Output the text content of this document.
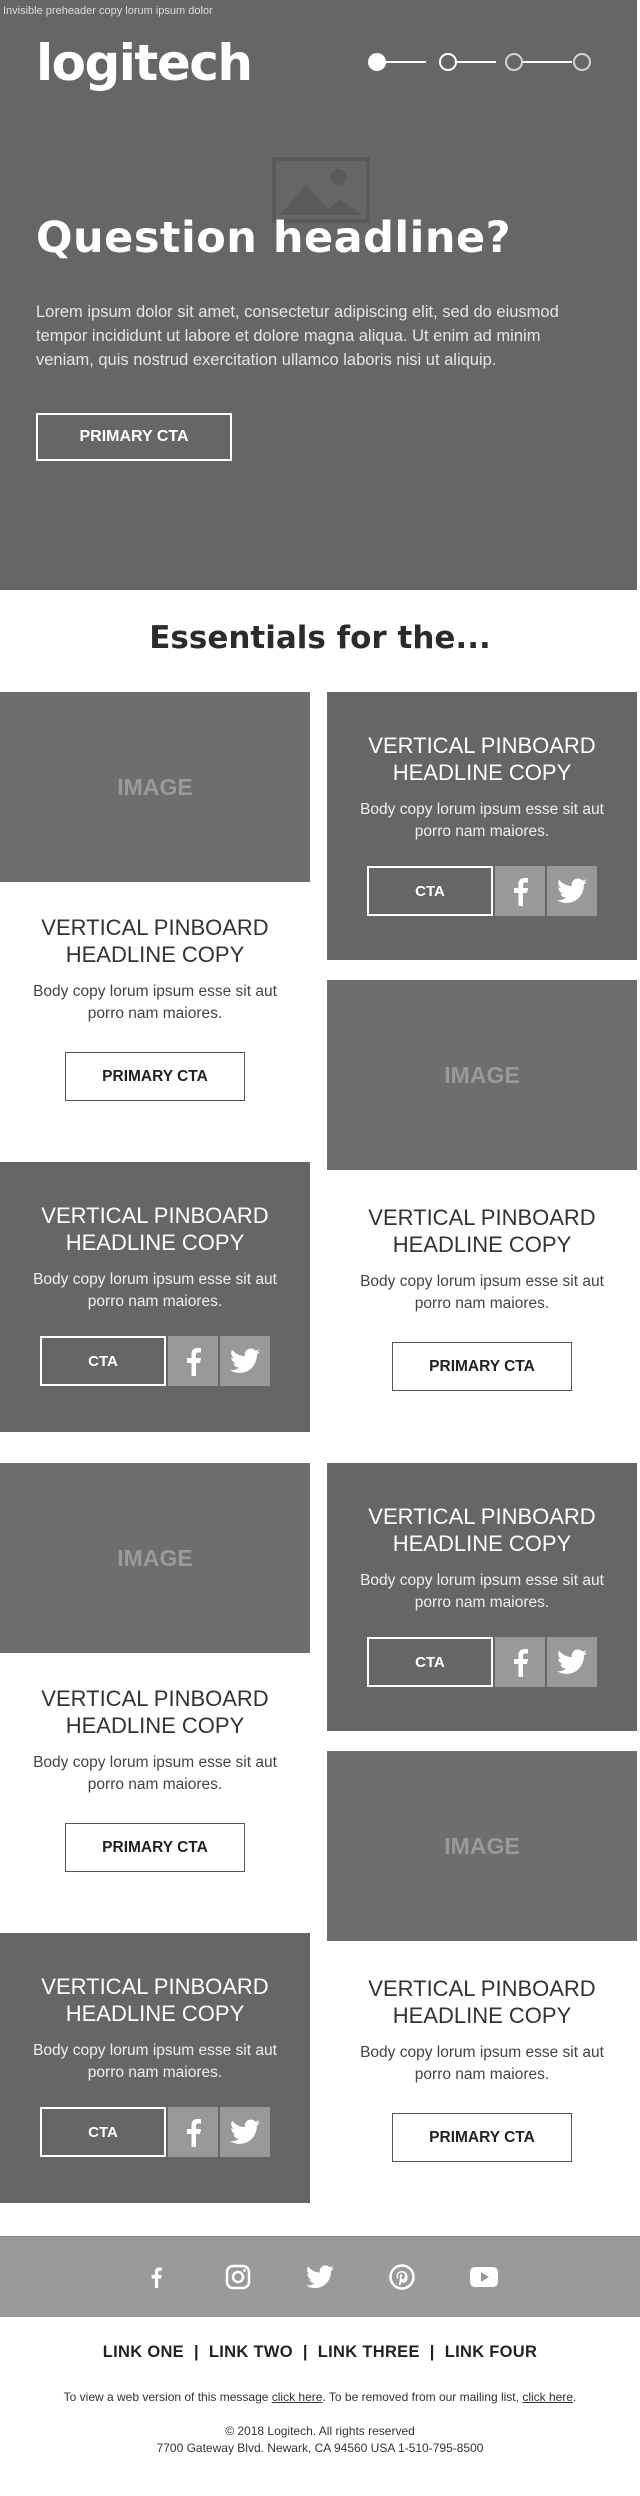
Invisible preheader copy lorum ipsum dolor
logitech
Question headline?
Lorem ipsum dolor sit amet, consectetur adipiscing elit, sed do eiusmod tempor incididunt ut labore et dolore magna aliqua. Ut enim ad minim veniam, quis nostrud exercitation ullamco laboris nisi ut aliquip.
PRIMARY CTA
Essentials for the...
IMAGE
VERTICAL PINBOARD HEADLINE COPY
Body copy lorum ipsum esse sit aut porro nam maiores.
PRIMARY CTA
VERTICAL PINBOARD HEADLINE COPY
Body copy lorum ipsum esse sit aut porro nam maiores.
CTA
IMAGE
VERTICAL PINBOARD HEADLINE COPY
Body copy lorum ipsum esse sit aut porro nam maiores.
CTA
VERTICAL PINBOARD HEADLINE COPY
Body copy lorum ipsum esse sit aut porro nam maiores.
PRIMARY CTA
IMAGE
VERTICAL PINBOARD HEADLINE COPY
Body copy lorum ipsum esse sit aut porro nam maiores.
PRIMARY CTA
VERTICAL PINBOARD HEADLINE COPY
Body copy lorum ipsum esse sit aut porro nam maiores.
CTA
IMAGE
VERTICAL PINBOARD HEADLINE COPY
Body copy lorum ipsum esse sit aut porro nam maiores.
CTA
VERTICAL PINBOARD HEADLINE COPY
Body copy lorum ipsum esse sit aut porro nam maiores.
PRIMARY CTA
LINK ONE | LINK TWO | LINK THREE | LINK FOUR
To view a web version of this message click here. To be removed from our mailing list, click here.
© 2018 Logitech. All rights reserved
7700 Gateway Blvd. Newark, CA 94560 USA 1-510-795-8500
